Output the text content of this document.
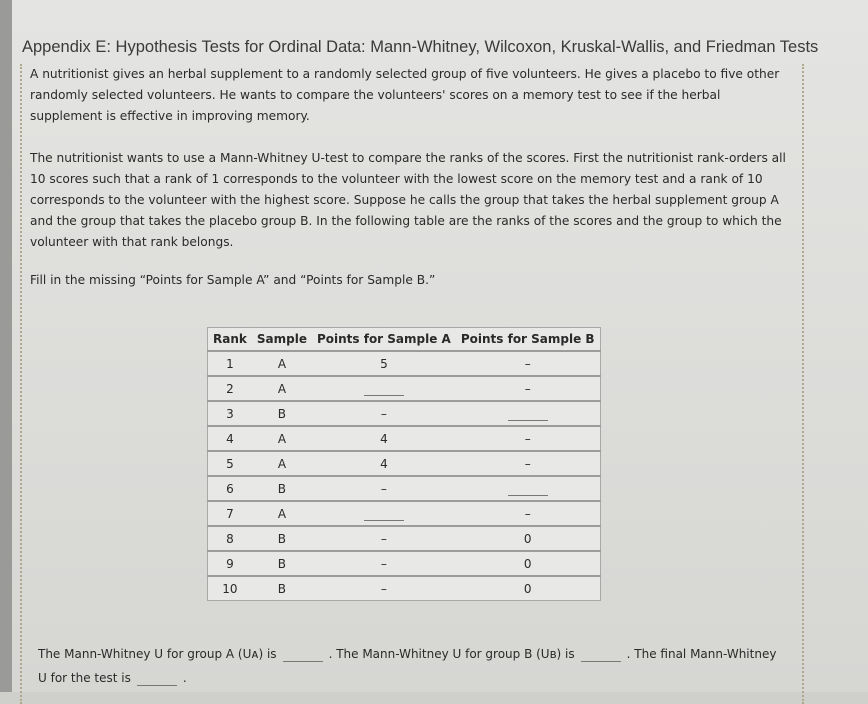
Appendix E: Hypothesis Tests for Ordinal Data: Mann-Whitney, Wilcoxon, Kruskal-Wallis, and Friedman Tests
A nutritionist gives an herbal supplement to a randomly selected group of five volunteers. He gives a placebo to five other randomly selected volunteers. He wants to compare the volunteers' scores on a memory test to see if the herbal supplement is effective in improving memory.
The nutritionist wants to use a Mann-Whitney U-test to compare the ranks of the scores. First the nutritionist rank-orders all 10 scores such that a rank of 1 corresponds to the volunteer with the lowest score on the memory test and a rank of 10 corresponds to the volunteer with the highest score. Suppose he calls the group that takes the herbal supplement group A and the group that takes the placebo group B. In the following table are the ranks of the scores and the group to which the volunteer with that rank belongs.
Fill in the missing “Points for Sample A” and “Points for Sample B.”
Rank	Sample	Points for Sample A	Points for Sample B
1	A	5	–
2	A		–
3	B	–	
4	A	4	–
5	A	4	–
6	B	–	
7	A		–
8	B	–	0
9	B	–	0
10	B	–	0
The Mann-Whitney U for group A (Uᴀ) is	. The Mann-Whitney U for group B (Uʙ) is	. The final Mann-Whitney U for the test is	.
